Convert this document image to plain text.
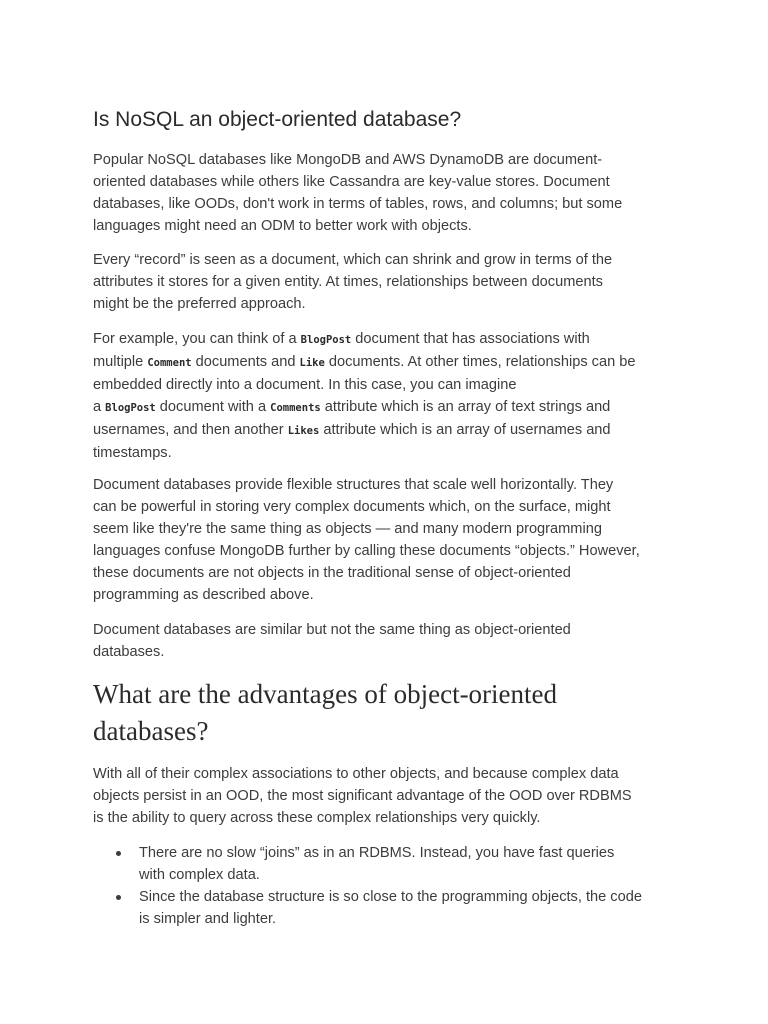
Is NoSQL an object-oriented database?
Popular NoSQL databases like MongoDB and AWS DynamoDB are document-
oriented databases while others like Cassandra are key-value stores. Document
databases, like OODs, don't work in terms of tables, rows, and columns; but some
languages might need an ODM to better work with objects.
Every “record” is seen as a document, which can shrink and grow in terms of the
attributes it stores for a given entity. At times, relationships between documents
might be the preferred approach.
For example, you can think of a BlogPost document that has associations with
multiple Comment documents and Like documents. At other times, relationships can be
embedded directly into a document. In this case, you can imagine
a BlogPost document with a Comments attribute which is an array of text strings and
usernames, and then another Likes attribute which is an array of usernames and
timestamps.
Document databases provide flexible structures that scale well horizontally. They
can be powerful in storing very complex documents which, on the surface, might
seem like they're the same thing as objects — and many modern programming
languages confuse MongoDB further by calling these documents “objects.” However,
these documents are not objects in the traditional sense of object-oriented
programming as described above.
Document databases are similar but not the same thing as object-oriented
databases.
What are the advantages of object-oriented
databases?
With all of their complex associations to other objects, and because complex data
objects persist in an OOD, the most significant advantage of the OOD over RDBMS
is the ability to query across these complex relationships very quickly.
There are no slow “joins” as in an RDBMS. Instead, you have fast queries
with complex data.
Since the database structure is so close to the programming objects, the code
is simpler and lighter.
